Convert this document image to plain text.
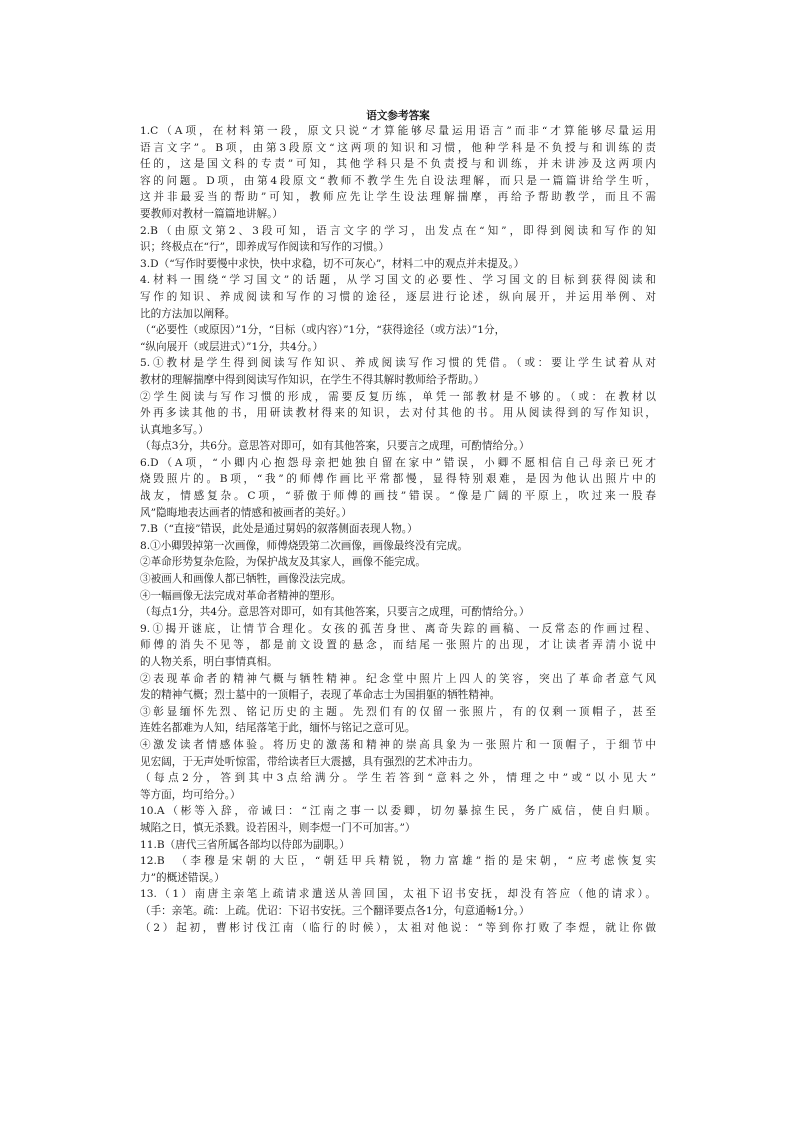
语文参考答案
1.C（A项，在材料第一段，原文只说“才算能够尽量运用语言”而非“才算能够尽量运用
语言文字”。B项，由第3段原文“这两项的知识和习惯，他种学科是不负授与和训练的责
任的，这是国文科的专责”可知，其他学科只是不负责授与和训练，并未讲涉及这两项内
容的问题。D项，由第4段原文“教师不教学生先自设法理解，而只是一篇篇讲给学生听，
这并非最妥当的帮助”可知，教师应先让学生设法理解揣摩，再给予帮助教学，而且不需
要教师对教材一篇篇地讲解。）
2.B（由原文第2、3段可知，语言文字的学习，出发点在“知”，即得到阅读和写作的知
识；终极点在“行”，即养成写作阅读和写作的习惯。）
3.D（“写作时要慢中求快，快中求稳，切不可灰心”，材料二中的观点并未提及。）
4.材料一围绕“学习国文”的话题，从学习国文的必要性、学习国文的目标到获得阅读和
写作的知识、养成阅读和写作的习惯的途径，逐层进行论述，纵向展开，并运用举例、对
比的方法加以阐释。
（“必要性（或原因）”1分，“目标（或内容）”1分，“获得途径（或方法）”1分，
“纵向展开（或层进式）”1分，共4分。）
5.①教材是学生得到阅读写作知识、养成阅读写作习惯的凭借。（或：要让学生试着从对
教材的理解揣摩中得到阅读写作知识，在学生不得其解时教师给予帮助。）
②学生阅读与写作习惯的形成，需要反复历练，单凭一部教材是不够的。（或：在教材以
外再多读其他的书，用研读教材得来的知识，去对付其他的书。用从阅读得到的写作知识，
认真地多写。）
（每点3分，共6分。意思答对即可，如有其他答案，只要言之成理，可酌情给分。）
6.D（A项，“小卿内心抱怨母亲把她独自留在家中”错误，小卿不愿相信自己母亲已死才
烧毁照片的。B项，“我”的师傅作画比平常都慢，显得特别艰难，是因为他认出照片中的
战友，情感复杂。C项，“骄傲于师傅的画技”错误。“像是广阔的平原上，吹过来一股春
风”隐晦地表达画者的情感和被画者的美好。）
7.B（“直接”错误，此处是通过舅妈的叙落侧面表现人物。）
8.①小卿毁掉第一次画像，师傅烧毁第二次画像，画像最终没有完成。
②革命形势复杂危险，为保护战友及其家人，画像不能完成。
③被画人和画像人都已牺牲，画像没法完成。
④一幅画像无法完成对革命者精神的塑形。
（每点1分，共4分。意思答对即可，如有其他答案，只要言之成理，可酌情给分。）
9.①揭开谜底，让情节合理化。女孩的孤苦身世、离奇失踪的画稿、一反常态的作画过程、
师傅的消失不见等，都是前文设置的悬念，而结尾一张照片的出现，才让读者弄清小说中
的人物关系，明白事情真相。
②表现革命者的精神气概与牺牲精神。纪念堂中照片上四人的笑容，突出了革命者意气风
发的精神气概；烈士墓中的一顶帽子，表现了革命志士为国捐躯的牺牲精神。
③彰显缅怀先烈、铭记历史的主题。先烈们有的仅留一张照片，有的仅剩一顶帽子，甚至
连姓名都难为人知，结尾落笔于此，缅怀与铭记之意可见。
④激发读者情感体验。将历史的激荡和精神的崇高具象为一张照片和一顶帽子，于细节中
见宏阔，于无声处听惊雷，带给读者巨大震撼，具有强烈的艺术冲击力。
（每点2分，答到其中3点给满分。学生若答到“意料之外，情理之中”或“以小见大”
等方面，均可给分。）
10.A（彬等入辞，帝诫曰：“江南之事一以委卿，切勿暴掠生民，务广威信，使自归顺。
城陷之日，慎无杀戮。设若困斗，则李煜一门不可加害。”）
11.B（唐代三省所属各部均以侍郎为副职。）
12.B　（李穆是宋朝的大臣，“朝廷甲兵精锐，物力富雄”指的是宋朝，“应考虑恢复实
力”的概述错误。）
13.（1）南唐主亲笔上疏请求遣送从善回国，太祖下诏书安抚，却没有答应（他的请求）。
（手：亲笔。疏：上疏。优诏：下诏书安抚。三个翻译要点各1分，句意通畅1分。）
（2）起初，曹彬讨伐江南（临行的时候），太祖对他说：“等到你打败了李煜，就让你做
